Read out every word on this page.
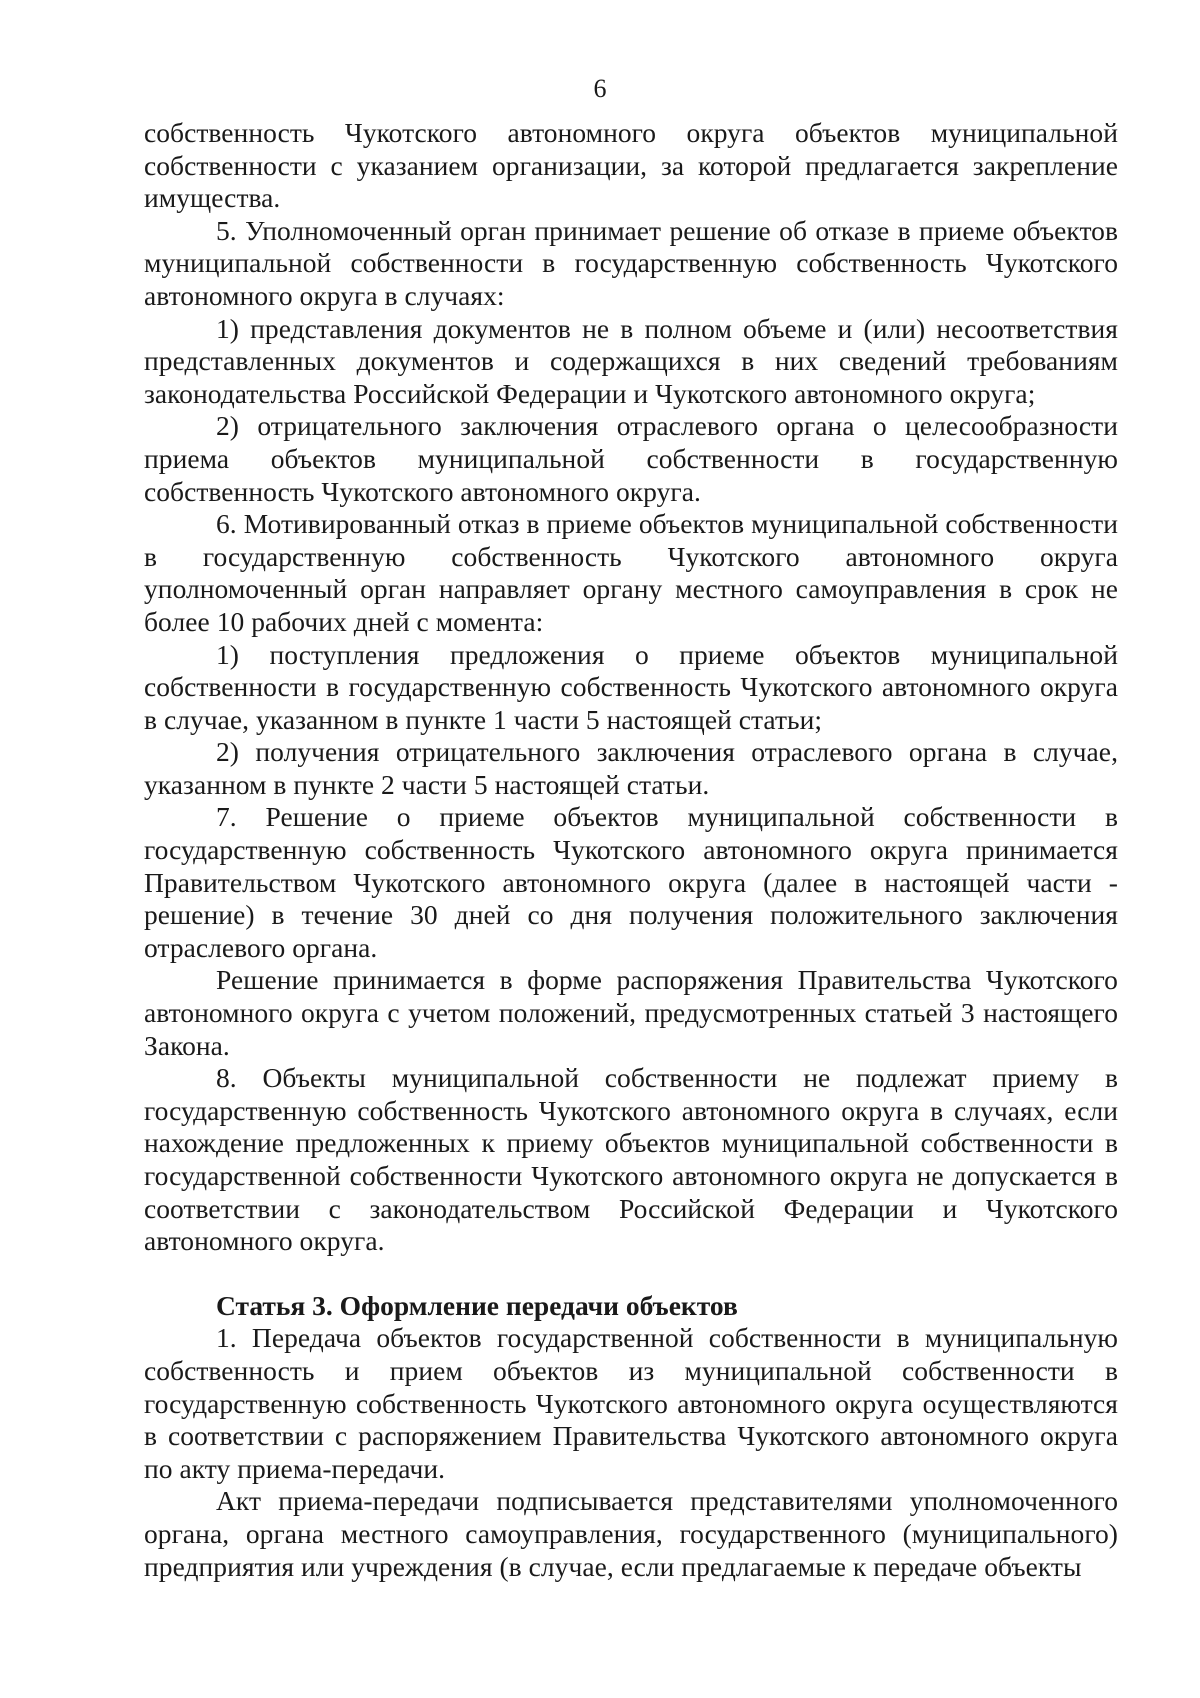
6

собственность Чукотского автономного округа объектов муниципальной собственности с указанием организации, за которой предлагается закрепление имущества.

5. Уполномоченный орган принимает решение об отказе в приеме объектов муниципальной собственности в государственную собственность Чукотского автономного округа в случаях:

1) представления документов не в полном объеме и (или) несоответствия представленных документов и содержащихся в них сведений требованиям законодательства Российской Федерации и Чукотского автономного округа;

2) отрицательного заключения отраслевого органа о целесообразности приема объектов муниципальной собственности в государственную собственность Чукотского автономного округа.

6. Мотивированный отказ в приеме объектов муниципальной собственности в государственную собственность Чукотского автономного округа уполномоченный орган направляет органу местного самоуправления в срок не более 10 рабочих дней с момента:

1) поступления предложения о приеме объектов муниципальной собственности в государственную собственность Чукотского автономного округа в случае, указанном в пункте 1 части 5 настоящей статьи;

2) получения отрицательного заключения отраслевого органа в случае, указанном в пункте 2 части 5 настоящей статьи.

7. Решение о приеме объектов муниципальной собственности в государственную собственность Чукотского автономного округа принимается Правительством Чукотского автономного округа (далее в настоящей части - решение) в течение 30 дней со дня получения положительного заключения отраслевого органа.

Решение принимается в форме распоряжения Правительства Чукотского автономного округа с учетом положений, предусмотренных статьей 3 настоящего Закона.

8. Объекты муниципальной собственности не подлежат приему в государственную собственность Чукотского автономного округа в случаях, если нахождение предложенных к приему объектов муниципальной собственности в государственной собственности Чукотского автономного округа не допускается в соответствии с законодательством Российской Федерации и Чукотского автономного округа.

Статья 3. Оформление передачи объектов

1. Передача объектов государственной собственности в муниципальную собственность и прием объектов из муниципальной собственности в государственную собственность Чукотского автономного округа осуществляются в соответствии с распоряжением Правительства Чукотского автономного округа по акту приема-передачи.

Акт приема-передачи подписывается представителями уполномоченного органа, органа местного самоуправления, государственного (муниципального) предприятия или учреждения (в случае, если предлагаемые к передаче объекты
